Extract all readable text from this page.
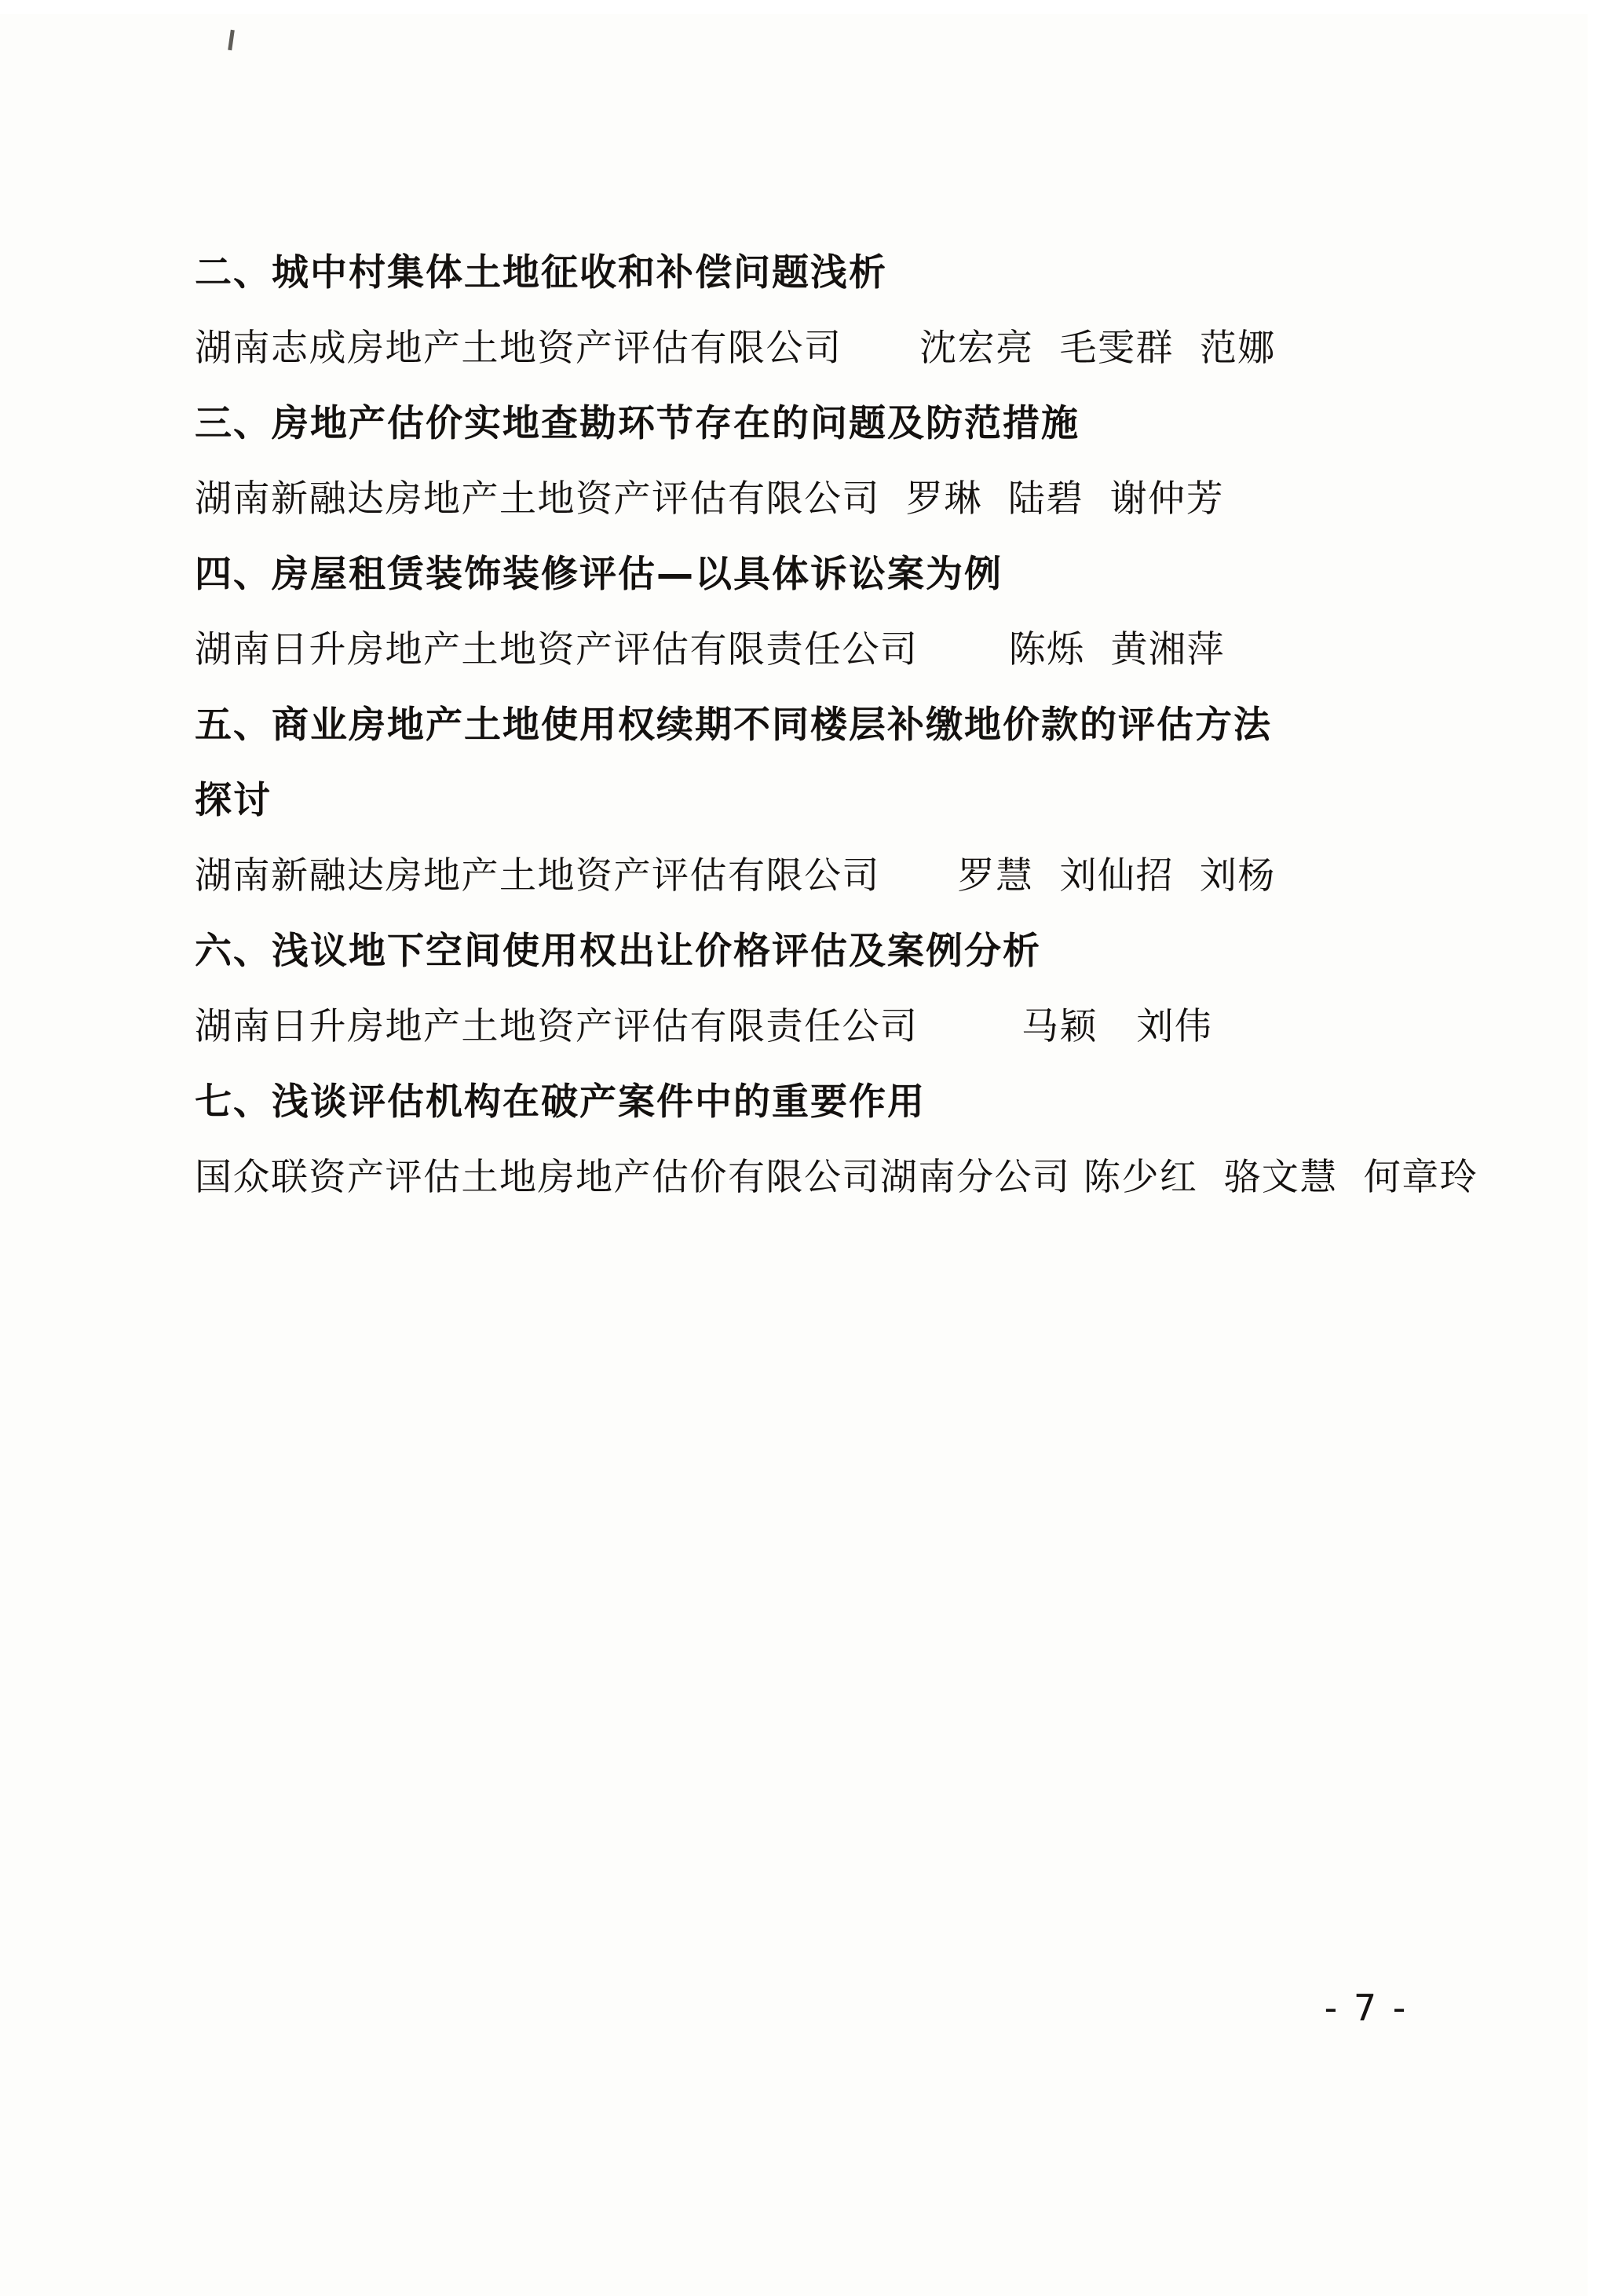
二、城中村集体土地征收和补偿问题浅析
湖南志成房地产土地资产评估有限公司      沈宏亮  毛雯群  范娜
三、房地产估价实地查勘环节存在的问题及防范措施
湖南新融达房地产土地资产评估有限公司  罗琳  陆碧  谢仲芳
四、房屋租赁装饰装修评估—以具体诉讼案为例
湖南日升房地产土地资产评估有限责任公司       陈烁  黄湘萍
五、商业房地产土地使用权续期不同楼层补缴地价款的评估方法
探讨
湖南新融达房地产土地资产评估有限公司      罗慧  刘仙招  刘杨
六、浅议地下空间使用权出让价格评估及案例分析
湖南日升房地产土地资产评估有限责任公司        马颖   刘伟
七、浅谈评估机构在破产案件中的重要作用
国众联资产评估土地房地产估价有限公司湖南分公司 陈少红  骆文慧  何章玲
- 7 -
